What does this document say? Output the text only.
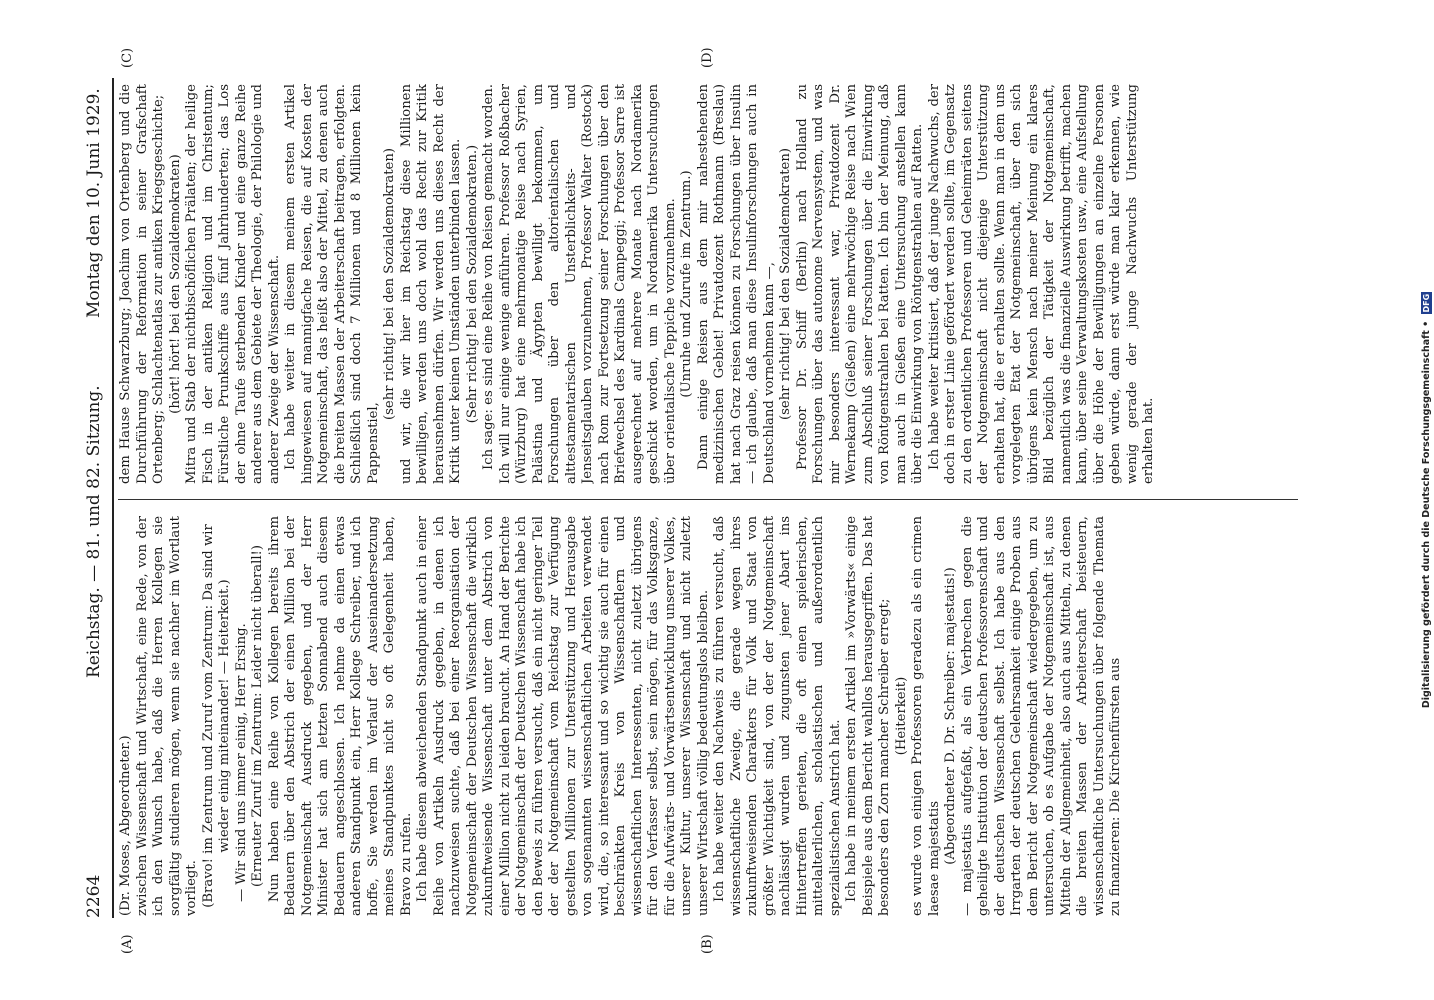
2264
Reichstag. — 81. und 82. Sitzung.
Montag den 10. Juni 1929.
(A)	(B)
(C)	(D)

(Dr. Moses, Abgeordneter.) zwischen Wissenschaft und Wirtschaft, eine Rede, von der ich den Wunsch habe, daß die Herren Kollegen sie sorgfältig studieren mögen, wenn sie nachher im Wortlaut vorliegt. (Bravo! im Zentrum und Zuruf vom Zentrum: Da sind wir wieder einig miteinander! — Heiterkeit.) — Wir sind uns immer einig, Herr Ersing. (Erneuter Zuruf im Zentrum: Leider nicht überall!) Nun haben eine Reihe von Kollegen bereits ihrem Bedauern über den Abstrich der einen Million bei der Notgemeinschaft Ausdruck gegeben, und der Herr Minister hat sich am letzten Sonnabend auch diesem Bedauern angeschlossen. Ich nehme da einen etwas anderen Standpunkt ein, Herr Kollege Schreiber, und ich hoffe, Sie werden im Verlauf der Auseinandersetzung meines Standpunktes nicht so oft Gelegenheit haben, Bravo zu rufen. Ich habe diesem abweichenden Standpunkt auch in einer Reihe von Artikeln Ausdruck gegeben, in denen ich nachzuweisen suchte, daß bei einer Reorganisation der Notgemeinschaft der Deutschen Wissenschaft die wirklich zukunftweisende Wissenschaft unter dem Abstrich von einer Million nicht zu leiden braucht. An Hand der Berichte der Notgemeinschaft der Deutschen Wissenschaft habe ich den Beweis zu führen versucht, daß ein nicht geringer Teil der der Notgemeinschaft vom Reichstag zur Verfügung gestellten Millionen zur Unterstützung und Herausgabe von sogenannten wissenschaftlichen Arbeiten verwendet wird, die, so interessant und so wichtig sie auch für einen beschränkten Kreis von Wissenschaftlern und wissenschaftlichen Interessenten, nicht zuletzt übrigens für den Verfasser selbst, sein mögen, für das Volksganze, für die Aufwärts- und Vorwärtsentwicklung unserer Volkes, unserer Kultur, unserer Wissenschaft und nicht zuletzt unserer Wirtschaft völlig bedeutungslos bleiben. Ich habe weiter den Nachweis zu führen versucht, daß wissenschaftliche Zweige, die gerade wegen ihres zukunftweisenden Charakters für Volk und Staat von größter Wichtigkeit sind, von der der Notgemeinschaft nachlässigt wurden und zugunsten jener Abart ins Hintertreffen gerieten, die oft einen spielerischen, mittelalterlichen, scholastischen und außerordentlich spezialistischen Anstrich hat. Ich habe in meinem ersten Artikel im »Vorwärts« einige Beispiele aus dem Bericht wahllos herausgegriffen. Das hat besonders den Zorn mancher Schreiber erregt; (Heiterkeit) es wurde von einigen Professoren geradezu als ein crimen laesae majestatis (Abgeordneter D. Dr. Schreiber: majestatis!) — majestatis aufgefaßt, als ein Verbrechen gegen die geheiligte Institution der deutschen Professorenschaft und der deutschen Wissenschaft selbst. Ich habe aus den Irrgarten der deutschen Gelehrsamkeit einige Proben aus dem Bericht der Notgemeinschaft wiedergegeben, um zu untersuchen, ob es Aufgabe der Notgemeinschaft ist, aus Mitteln der Allgemeinheit, also auch aus Mitteln, zu denen die breiten Massen der Arbeiterschaft beisteuern, wissenschaftliche Untersuchungen über folgende Themata zu finanzieren: Die Kirchenfürsten aus

dem Hause Schwarzburg; Joachim von Ortenberg und die Durchführung der Reformation in seiner Grafschaft Ortenberg; Schlachtenatlas zur antiken Kriegsgeschichte; (hört! hört! bei den Sozialdemokraten) Mitra und Stab der nichtbischöflichen Prälaten; der heilige Fisch in der antiken Religion und im Christentum; Fürstliche Prunkschiffe aus fünf Jahrhunderten; das Los der ohne Taufe sterbenden Kinder und eine ganze Reihe anderer aus dem Gebiete der Theologie, der Philologie und anderer Zweige der Wissenschaft. Ich habe weiter in diesem meinem ersten Artikel hingewiesen auf mannigfache Reisen, die auf Kosten der Notgemeinschaft, das heißt also der Mittel, zu denen auch die breiten Massen der Arbeiterschaft beitragen, erfolgten. Schließlich sind doch 7 Millionen und 8 Millionen kein Pappenstiel,

(sehr richtig! bei den Sozialdemokraten) und wir, die wir hier im Reichstag diese Millionen bewilligen, werden uns doch wohl das Recht zur Kritik herausnehmen dürfen. Wir werden uns dieses Recht der Kritik unter keinen Umständen unterbinden lassen. (Sehr richtig! bei den Sozialdemokraten.) Ich sage: es sind eine Reihe von Reisen gemacht worden. Ich will nur einige wenige anführen. Professor Roßbacher (Würzburg) hat eine mehrmonatige Reise nach Syrien, Palästina und Ägypten bewilligt bekommen, um Forschungen über den altorientalischen und alttestamentarischen Unsterblichkeits- und Jenseitsglauben vorzunehmen, Professor Walter (Rostock) nach Rom zur Fortsetzung seiner Forschungen über den Briefwechsel des Kardinals Campeggi; Professor Sarre ist ausgerechnet auf mehrere Monate nach Nordamerika geschickt worden, um in Nordamerika Untersuchungen über orientalische Teppiche vorzunehmen. (Unruhe und Zurufe im Zentrum.) Dann einige Reisen aus dem mir nahestehenden medizinischen Gebiet! Privatdozent Rothmann (Breslau) hat nach Graz reisen können zu Forschungen über Insulin — ich glaube, daß man diese Insulinforschungen auch in Deutschland vornehmen kann —, (sehr richtig! bei den Sozialdemokraten) Professor Dr. Schiff (Berlin) nach Holland zu Forschungen über das autonome Nervensystem, und was mir besonders interessant war, Privatdozent Dr. Wernekamp (Gießen) eine mehrwöchige Reise nach Wien zum Abschluß seiner Forschungen über die Einwirkung von Röntgenstrahlen bei Ratten. Ich bin der Meinung, daß man auch in Gießen eine Untersuchung anstellen kann über die Einwirkung von Röntgenstrahlen auf Ratten. Ich habe weiter kritisiert, daß der junge Nachwuchs, der doch in erster Linie gefördert werden sollte, im Gegensatz zu den ordentlichen Professoren und Geheimräten seitens der Notgemeinschaft nicht diejenige Unterstützung erhalten hat, die er erhalten sollte. Wenn man in dem uns vorgelegten Etat der Notgemeinschaft, über den sich übrigens kein Mensch nach meiner Meinung ein klares Bild bezüglich der Tätigkeit der Notgemeinschaft, namentlich was die finanzielle Auswirkung betrifft, machen kann, über seine Verwaltungskosten usw., eine Aufstellung über die Höhe der Bewilligungen an einzelne Personen geben würde, dann erst würde man klar erkennen, wie wenig gerade der junge Nachwuchs Unterstützung erhalten hat.	Digitalisierung gefördert durch die Deutsche Forschungsgemeinschaft • DFG
